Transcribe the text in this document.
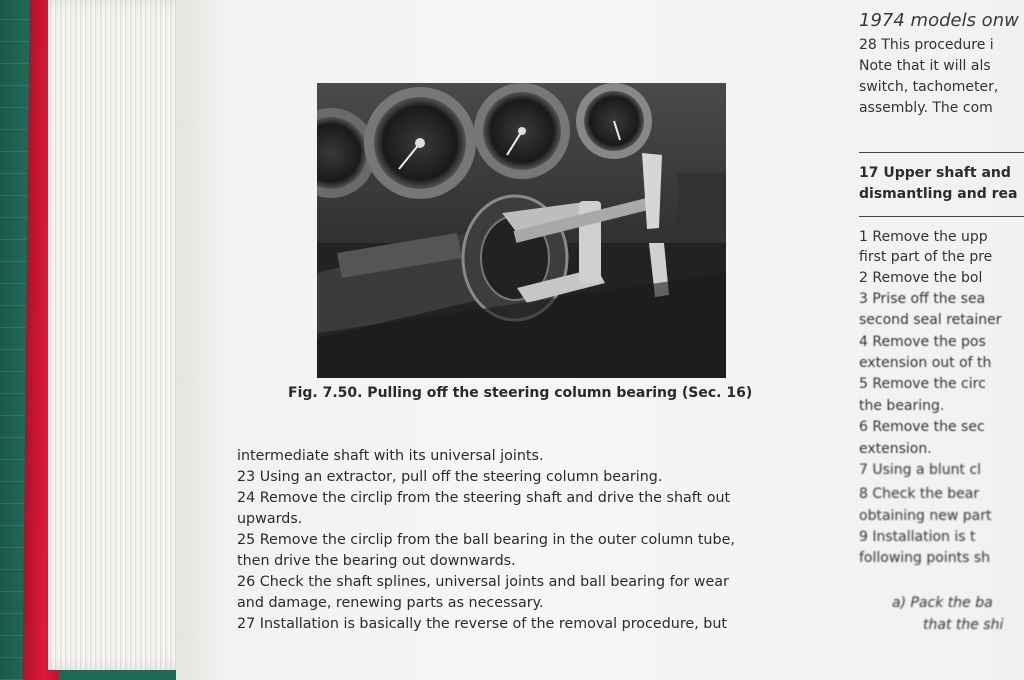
Fig. 7.50. Pulling off the steering column bearing (Sec. 16)
intermediate shaft with its universal joints.
23 Using an extractor, pull off the steering column bearing.
24 Remove the circlip from the steering shaft and drive the shaft out
upwards.
25 Remove the circlip from the ball bearing in the outer column tube,
then drive the bearing out downwards.
26 Check the shaft splines, universal joints and ball bearing for wear
and damage, renewing parts as necessary.
27 Installation is basically the reverse of the removal procedure, but
1974 models onw
28 This procedure i
Note that it will als
switch, tachometer,
assembly. The com
17 Upper shaft and
dismantling and rea
1 Remove the upp
first part of the pre
2 Remove the bol
3 Prise off the sea
second seal retainer
4 Remove the pos
extension out of th
5 Remove the circ
the bearing.
6 Remove the sec
extension.
7 Using a blunt cl
8 Check the bear
obtaining new part
9 Installation is t
following points sh
a) Pack the ba
that the shi
